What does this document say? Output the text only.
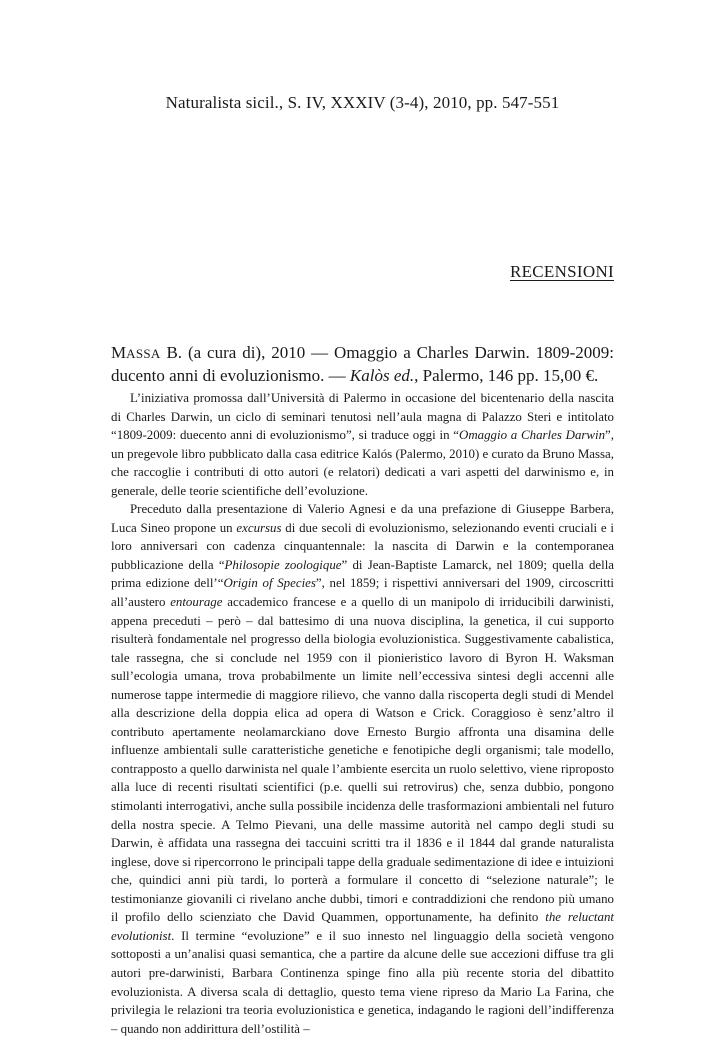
Naturalista sicil., S. IV, XXXIV (3-4), 2010, pp. 547-551
RECENSIONI
MASSA B. (a cura di), 2010 — Omaggio a Charles Darwin. 1809-2009: ducento anni di evoluzionismo. — Kalòs ed., Palermo, 146 pp. 15,00 €.

L’iniziativa promossa dall’Università di Palermo in occasione del bicentenario della nascita di Charles Darwin, un ciclo di seminari tenutosi nell’aula magna di Palazzo Steri e intitolato “1809-2009: duecento anni di evoluzionismo”, si traduce oggi in “Omaggio a Charles Darwin”, un pregevole libro pubblicato dalla casa editrice Kalós (Palermo, 2010) e curato da Bruno Massa, che raccoglie i contributi di otto autori (e relatori) dedicati a vari aspetti del darwinismo e, in generale, delle teorie scientifiche dell’evoluzione.

Preceduto dalla presentazione di Valerio Agnesi e da una prefazione di Giuseppe Barbera, Luca Sineo propone un excursus di due secoli di evoluzionismo, selezionando eventi cruciali e i loro anniversari con cadenza cinquantennale: la nascita di Darwin e la contemporanea pubblicazione della “Philosopie zoologique” di Jean-Baptiste Lamarck, nel 1809; quella della prima edizione dell’“Origin of Species”, nel 1859; i rispettivi anniversari del 1909, circoscritti all’austero entourage accademico francese e a quello di un manipolo di irriducibili darwinisti, appena preceduti – però – dal battesimo di una nuova disciplina, la genetica, il cui supporto risulterà fondamentale nel progresso della biologia evoluzionistica. Suggestivamente cabalistica, tale rassegna, che si conclude nel 1959 con il pionieristico lavoro di Byron H. Waksman sull’ecologia umana, trova probabilmente un limite nell’eccessiva sintesi degli accenni alle numerose tappe intermedie di maggiore rilievo, che vanno dalla riscoperta degli studi di Mendel alla descrizione della doppia elica ad opera di Watson e Crick. Coraggioso è senz’altro il contributo apertamente neolamarckiano dove Ernesto Burgio affronta una disamina delle influenze ambientali sulle caratteristiche genetiche e fenotipiche degli organismi; tale modello, contrapposto a quello darwinista nel quale l’ambiente esercita un ruolo selettivo, viene riproposto alla luce di recenti risultati scientifici (p.e. quelli sui retrovirus) che, senza dubbio, pongono stimolanti interrogativi, anche sulla possibile incidenza delle trasformazioni ambientali nel futuro della nostra specie. A Telmo Pievani, una delle massime autorità nel campo degli studi su Darwin, è affidata una rassegna dei taccuini scritti tra il 1836 e il 1844 dal grande naturalista inglese, dove si ripercorrono le principali tappe della graduale sedimentazione di idee e intuizioni che, quindici anni più tardi, lo porterà a formulare il concetto di “selezione naturale”; le testimonianze giovanili ci rivelano anche dubbi, timori e contraddizioni che rendono più umano il profilo dello scienziato che David Quammen, opportunamente, ha definito the reluctant evolutionist. Il termine “evoluzione” e il suo innesto nel linguaggio della società vengono sottoposti a un’analisi quasi semantica, che a partire da alcune delle sue accezioni diffuse tra gli autori pre-darwinisti, Barbara Continenza spinge fino alla più recente storia del dibattito evoluzionista. A diversa scala di dettaglio, questo tema viene ripreso da Mario La Farina, che privilegia le relazioni tra teoria evoluzionistica e genetica, indagando le ragioni dell’indifferenza – quando non addirittura dell’ostilità –
